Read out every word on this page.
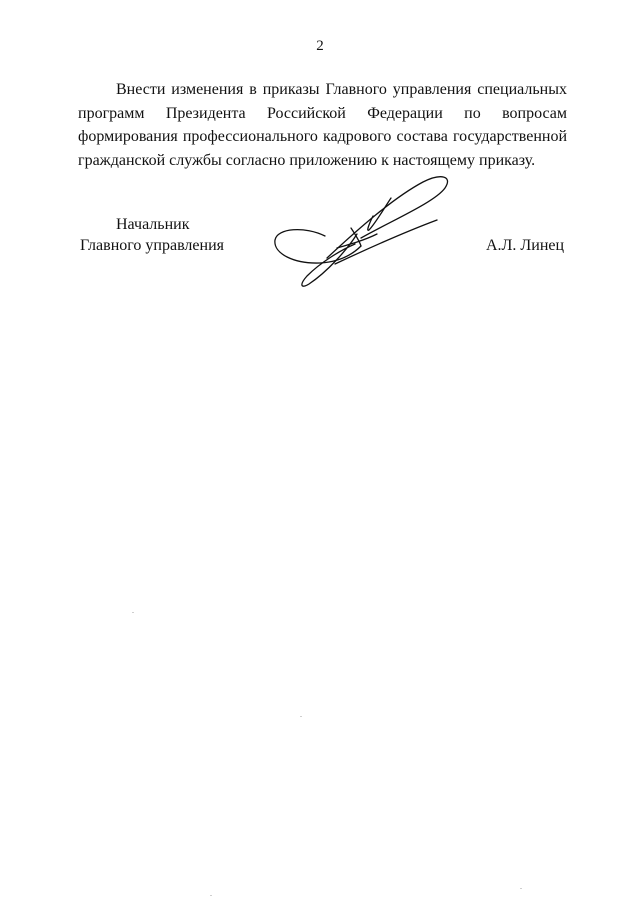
2

Внести изменения в приказы Главного управления специальных программ Президента Российской Федерации по вопросам формирования профессионального кадрового состава государственной гражданской службы согласно приложению к настоящему приказу.

Начальник
Главного управления	А.Л. Линец
